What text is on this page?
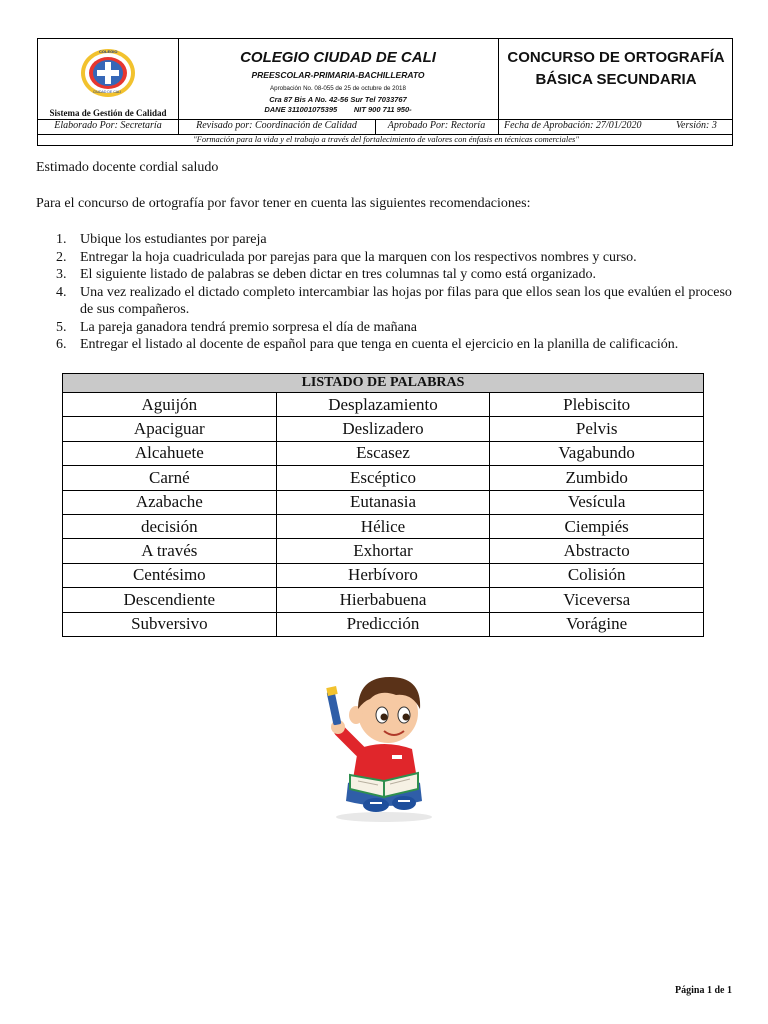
COLEGIO
CIUDAD DE CALI
Sistema de Gestión de Calidad
COLEGIO CIUDAD DE CALI
PREESCOLAR-PRIMARIA-BACHILLERATO
Aprobación No. 08-055 de 25 de octubre de 2018
Cra 87 Bis A No. 42-56 Sur Tel 7033767
DANE 311001075395        NIT 900 711 950-
CONCURSO DE ORTOGRAFÍA
BÁSICA SECUNDARIA
Elaborado Por: Secretaría	Revisado por: Coordinación de Calidad	Aprobado Por: Rectoría	Fecha de Aprobación: 27/01/2020	Versión: 3
"Formación para la vida y el trabajo a través del fortalecimiento de valores con énfasis en técnicas comerciales"
Estimado docente cordial saludo
Para el concurso de ortografía por favor tener en cuenta las siguientes recomendaciones:
1. Ubique los estudiantes por pareja
2. Entregar la hoja cuadriculada por parejas para que la marquen con los respectivos nombres y curso.
3. El siguiente listado de palabras se deben dictar en tres columnas tal y como está organizado.
4. Una vez realizado el dictado completo intercambiar las hojas por filas para que ellos sean los que evalúen el proceso de sus compañeros.
5. La pareja ganadora tendrá premio sorpresa el día de mañana
6. Entregar el listado al docente de español para que tenga en cuenta el ejercicio en la planilla de calificación.
LISTADO DE PALABRAS		
Aguijón	Desplazamiento	Plebiscito
Apaciguar	Deslizadero	Pelvis
Alcahuete	Escasez	Vagabundo
Carné	Escéptico	Zumbido
Azabache	Eutanasia	Vesícula
decisión	Hélice	Ciempiés
A través	Exhortar	Abstracto
Centésimo	Herbívoro	Colisión
Descendiente	Hierbabuena	Viceversa
Subversivo	Predicción	Vorágine
Página 1 de 1
